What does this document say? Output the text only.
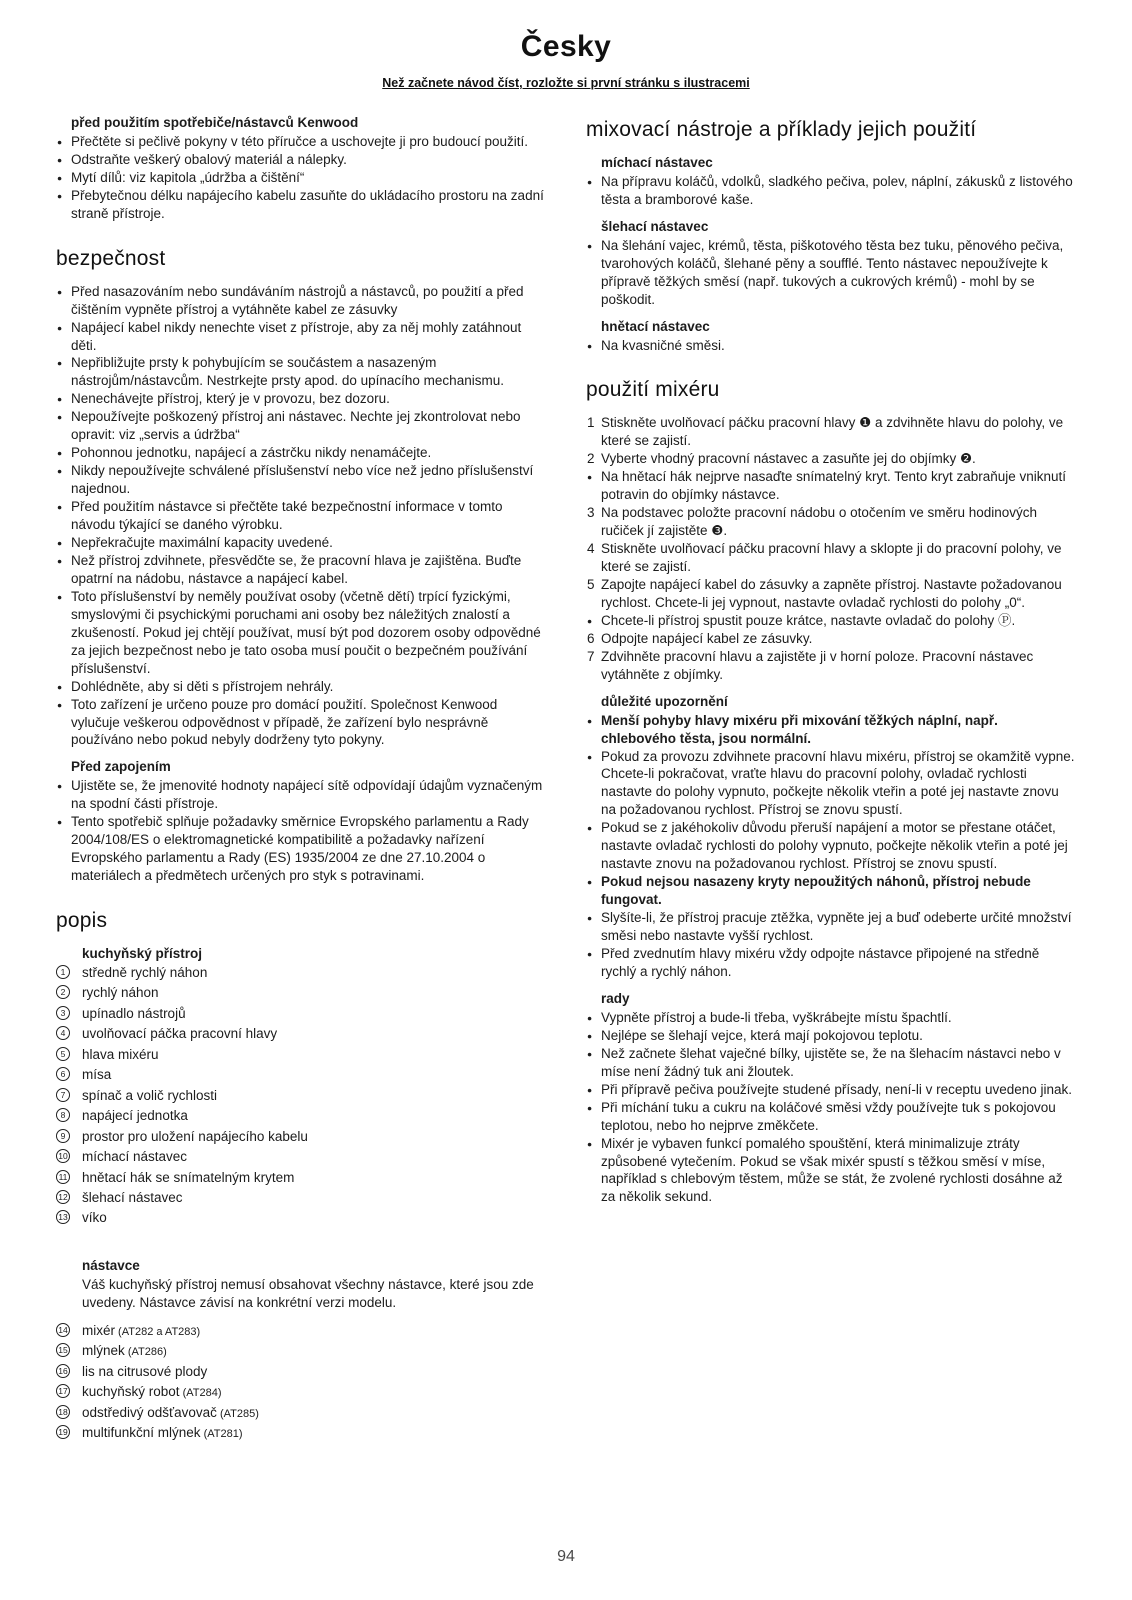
Česky

Než začnete návod číst, rozložte si první stránku s ilustracemi

před použitím spotřebiče/nástavců Kenwood
● Přečtěte si pečlivě pokyny v této příručce a uschovejte ji pro budoucí použití.
● Odstraňte veškerý obalový materiál a nálepky.
● Mytí dílů: viz kapitola „údržba a čištění“
● Přebytečnou délku napájecího kabelu zasuňte do ukládacího prostoru na zadní straně přístroje.
bezpečnost
● Před nasazováním nebo sundáváním nástrojů a nástavců, po použití a před čištěním vypněte přístroj a vytáhněte kabel ze zásuvky
● Napájecí kabel nikdy nenechte viset z přístroje, aby za něj mohly zatáhnout děti.
● Nepřibližujte prsty k pohybujícím se součástem a nasazeným nástrojům/nástavcům. Nestrkejte prsty apod. do upínacího mechanismu.
● Nenechávejte přístroj, který je v provozu, bez dozoru.
● Nepoužívejte poškozený přístroj ani nástavec. Nechte jej zkontrolovat nebo opravit: viz „servis a údržba“
● Pohonnou jednotku, napájecí a zástrčku nikdy nenamáčejte.
● Nikdy nepoužívejte schválené příslušenství nebo více než jedno příslušenství najednou.
● Před použitím nástavce si přečtěte také bezpečnostní informace v tomto návodu týkající se daného výrobku.
● Nepřekračujte maximální kapacity uvedené.
● Než přístroj zdvihnete, přesvědčte se, že pracovní hlava je zajištěna. Buďte opatrní na nádobu, nástavce a napájecí kabel.
● Toto příslušenství by neměly používat osoby (včetně dětí) trpící fyzickými, smyslovými či psychickými poruchami ani osoby bez náležitých znalostí a zkušeností. Pokud jej chtějí používat, musí být pod dozorem osoby odpovědné za jejich bezpečnost nebo je tato osoba musí poučit o bezpečném používání příslušenství.
● Dohlédněte, aby si děti s přístrojem nehrály.
● Toto zařízení je určeno pouze pro domácí použití. Společnost Kenwood vylučuje veškerou odpovědnost v případě, že zařízení bylo nesprávně používáno nebo pokud nebyly dodrženy tyto pokyny.
Před zapojením
● Ujistěte se, že jmenovité hodnoty napájecí sítě odpovídají údajům vyznačeným na spodní části přístroje.
● Tento spotřebič splňuje požadavky směrnice Evropského parlamentu a Rady 2004/108/ES o elektromagnetické kompatibilitě a požadavky nařízení Evropského parlamentu a Rady (ES) 1935/2004 ze dne 27.10.2004 o materiálech a předmětech určených pro styk s potravinami.
popis
kuchyňský přístroj
1	středně rychlý náhon
2	rychlý náhon
3	upínadlo nástrojů
4	uvolňovací páčka pracovní hlavy
5	hlava mixéru
6	mísa
7	spínač a volič rychlosti
8	napájecí jednotka
9	prostor pro uložení napájecího kabelu
10 míchací nástavec
11 hnětací hák se snímatelným krytem
12 šlehací nástavec
13 víko
nástavce
Váš kuchyňský přístroj nemusí obsahovat všechny nástavce, které jsou zde uvedeny. Nástavce závisí na konkrétní verzi modelu.
14 mixér (AT282 a AT283)
15 mlýnek (AT286)
16 lis na citrusové plody
17 kuchyňský robot (AT284)
18 odstředivý odšťavovač (AT285)
19 multifunkční mlýnek (AT281)
mixovací nástroje a příklady jejich použití
míchací nástavec
● Na přípravu koláčů, vdolků, sladkého pečiva, polev, náplní, zákusků z listového těsta a bramborové kaše.
šlehací nástavec
● Na šlehání vajec, krémů, těsta, piškotového těsta bez tuku, pěnového pečiva, tvarohových koláčů, šlehané pěny a soufflé. Tento nástavec nepoužívejte k přípravě těžkých směsí (např. tukových a cukrových krémů) - mohl by se poškodit.
hnětací nástavec
● Na kvasničné směsi.
použití mixéru
1 Stiskněte uvolňovací páčku pracovní hlavy ❶ a zdvihněte hlavu do polohy, ve které se zajistí.
2 Vyberte vhodný pracovní nástavec a zasuňte jej do objímky ❷.
● Na hnětací hák nejprve nasaďte snímatelný kryt. Tento kryt zabraňuje vniknutí potravin do objímky nástavce.
3 Na podstavec položte pracovní nádobu o otočením ve směru hodinových ručiček jí zajistěte ❸.
4 Stiskněte uvolňovací páčku pracovní hlavy a sklopte ji do pracovní polohy, ve které se zajistí.
5 Zapojte napájecí kabel do zásuvky a zapněte přístroj. Nastavte požadovanou rychlost. Chcete-li jej vypnout, nastavte ovladač rychlosti do polohy „0“.
● Chcete-li přístroj spustit pouze krátce, nastavte ovladač do polohy Ⓟ.
6 Odpojte napájecí kabel ze zásuvky.
7 Zdvihněte pracovní hlavu a zajistěte ji v horní poloze. Pracovní nástavec vytáhněte z objímky.
důležité upozornění
● Menší pohyby hlavy mixéru při mixování těžkých náplní, např. chlebového těsta, jsou normální.
● Pokud za provozu zdvihnete pracovní hlavu mixéru, přístroj se okamžitě vypne. Chcete-li pokračovat, vraťte hlavu do pracovní polohy, ovladač rychlosti nastavte do polohy vypnuto, počkejte několik vteřin a poté jej nastavte znovu na požadovanou rychlost. Přístroj se znovu spustí.
● Pokud se z jakéhokoliv důvodu přeruší napájení a motor se přestane otáčet, nastavte ovladač rychlosti do polohy vypnuto, počkejte několik vteřin a poté jej nastavte znovu na požadovanou rychlost. Přístroj se znovu spustí.
● Pokud nejsou nasazeny kryty nepoužitých náhonů, přístroj nebude fungovat.
● Slyšíte-li, že přístroj pracuje ztěžka, vypněte jej a buď odeberte určité množství směsi nebo nastavte vyšší rychlost.
● Před zvednutím hlavy mixéru vždy odpojte nástavce připojené na středně rychlý a rychlý náhon.
rady
● Vypněte přístroj a bude-li třeba, vyškrábejte místu špachtlí.
● Nejlépe se šlehají vejce, která mají pokojovou teplotu.
● Než začnete šlehat vaječné bílky, ujistěte se, že na šlehacím nástavci nebo v míse není žádný tuk ani žloutek.
● Při přípravě pečiva používejte studené přísady, není-li v receptu uvedeno jinak.
● Při míchání tuku a cukru na koláčové směsi vždy používejte tuk s pokojovou teplotou, nebo ho nejprve změkčete.
● Mixér je vybaven funkcí pomalého spouštění, která minimalizuje ztráty způsobené vytečením. Pokud se však mixér spustí s těžkou směsí v míse, například s chlebovým těstem, může se stát, že zvolené rychlosti dosáhne až za několik sekund.
94
